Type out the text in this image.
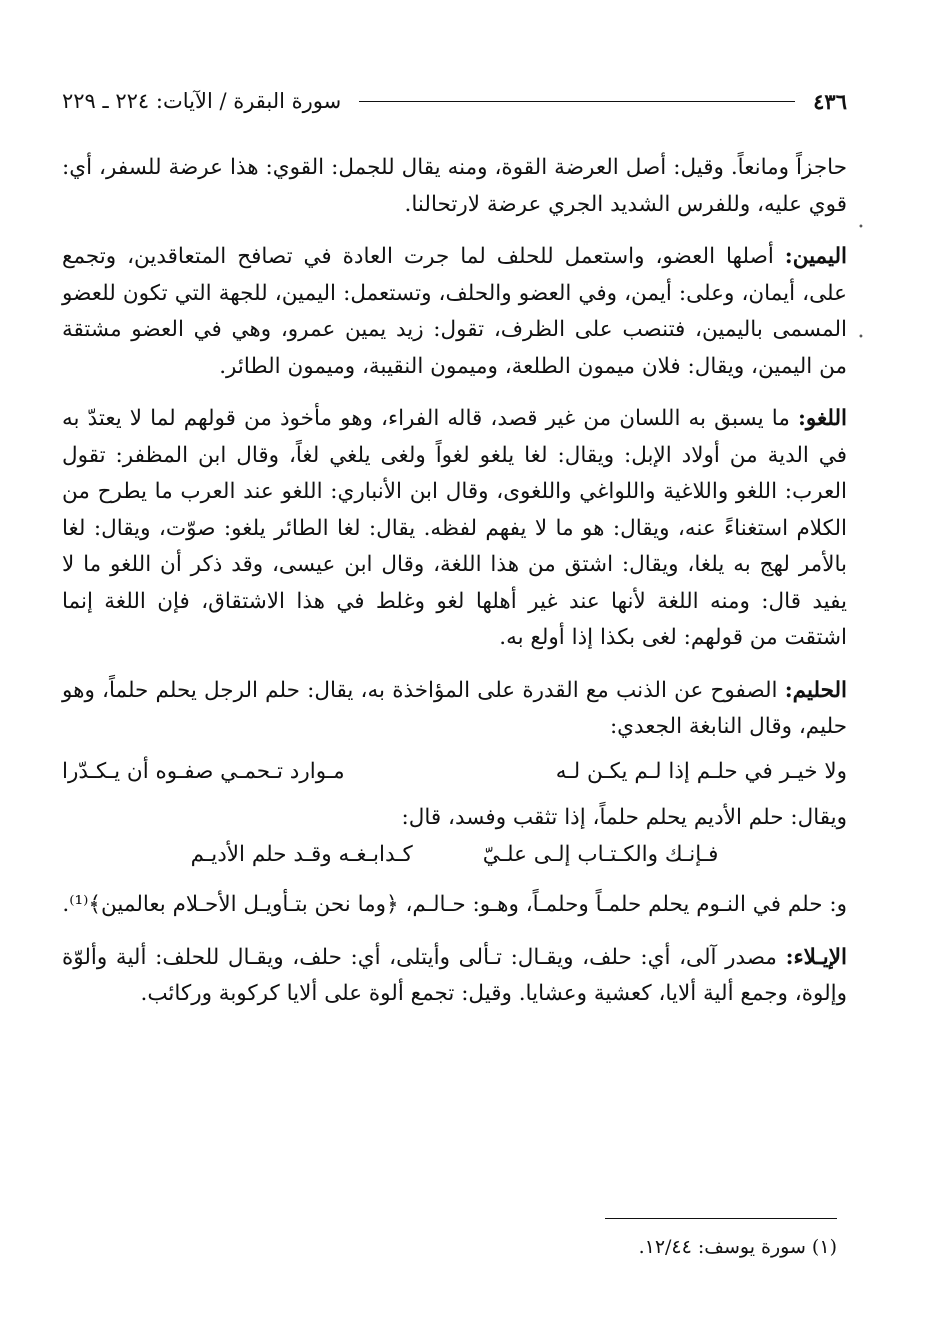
٤٣٦
سورة البقرة / الآيات: ٢٢٤ ـ ٢٢٩

حاجزاً ومانعاً. وقيل: أصل العرضة القوة، ومنه يقال للجمل: القوي: هذا عرضة للسفر، أي: قوي عليه، وللفرس الشديد الجري عرضة لارتحالنا.

اليمين: أصلها العضو، واستعمل للحلف لما جرت العادة في تصافح المتعاقدين، وتجمع على، أيمان، وعلى: أيمن، وفي العضو والحلف، وتستعمل: اليمين، للجهة التي تكون للعضو المسمى باليمين، فتنصب على الظرف، تقول: زيد يمين عمرو، وهي في العضو مشتقة من اليمين، ويقال: فلان ميمون الطلعة، وميمون النقيبة، وميمون الطائر.

اللغو: ما يسبق به اللسان من غير قصد، قاله الفراء، وهو مأخوذ من قولهم لما لا يعتدّ به في الدية من أولاد الإبل: ويقال: لغا يلغو لغواً ولغى يلغي لغاً، وقال ابن المظفر: تقول العرب: اللغو واللاغية واللواغي واللغوى، وقال ابن الأنباري: اللغو عند العرب ما يطرح من الكلام استغناءً عنه، ويقال: هو ما لا يفهم لفظه. يقال: لغا الطائر يلغو: صوّت، ويقال: لغا بالأمر لهج به يلغا، ويقال: اشتق من هذا اللغة، وقال ابن عيسى، وقد ذكر أن اللغو ما لا يفيد قال: ومنه اللغة لأنها عند غير أهلها لغو وغلط في هذا الاشتقاق، فإن اللغة إنما اشتقت من قولهم: لغى بكذا إذا أولع به.

الحليم: الصفوح عن الذنب مع القدرة على المؤاخذة به، يقال: حلم الرجل يحلم حلماً، وهو حليم، وقال النابغة الجعدي:

ولا خيـر في حلـم إذا لـم يكـن لـه
مـوارد تـحمـي صفـوه أن يـكـدّرا

ويقال: حلم الأديم يحلم حلماً، إذا تثقب وفسد، قال:

فـإنـك والكـتـاب إلـى علـيّ
كـدابـغـه وقـد حلم الأديـم

و: حلم في النـوم يحلم حلمـاً وحلمـاً، وهـو: حـالـم، ﴿وما نحن بتـأويـل الأحـلام بعالمين﴾⁽¹⁾.

الإيـلاء: مصدر آلى، أي: حلف، ويقـال: تـألى وأيتلى، أي: حلف، ويقـال للحلف: ألية وألوّة وإلوة، وجمع ألية ألايا، كعشية وعشايا. وقيل: تجمع ألوة على ألايا كركوبة وركائب.

(١) سورة يوسف: ١٢/٤٤.
•
•
